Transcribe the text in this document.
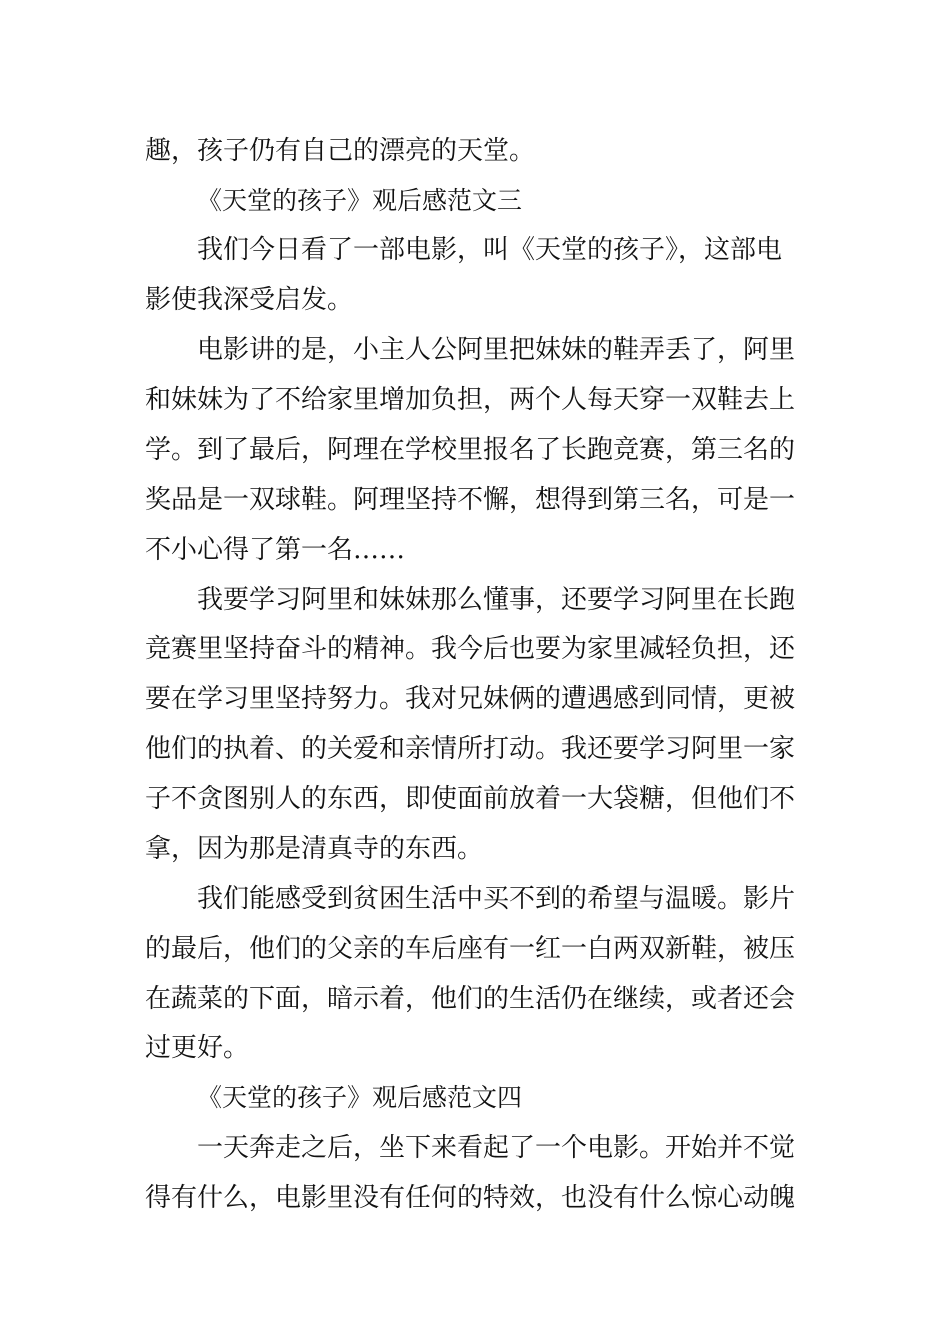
趣，孩子仍有自己的漂亮的天堂。
《天堂的孩子》观后感范文三
我们今日看了一部电影，叫《天堂的孩子》，这部电
影使我深受启发。
电影讲的是，小主人公阿里把妹妹的鞋弄丢了，阿里
和妹妹为了不给家里增加负担，两个人每天穿一双鞋去上
学。到了最后，阿理在学校里报名了长跑竞赛，第三名的
奖品是一双球鞋。阿理坚持不懈，想得到第三名，可是一
不小心得了第一名……
我要学习阿里和妹妹那么懂事，还要学习阿里在长跑
竞赛里坚持奋斗的精神。我今后也要为家里减轻负担，还
要在学习里坚持努力。我对兄妹俩的遭遇感到同情，更被
他们的执着、的关爱和亲情所打动。我还要学习阿里一家
子不贪图别人的东西，即使面前放着一大袋糖，但他们不
拿，因为那是清真寺的东西。
我们能感受到贫困生活中买不到的希望与温暖。影片
的最后，他们的父亲的车后座有一红一白两双新鞋，被压
在蔬菜的下面，暗示着，他们的生活仍在继续，或者还会
过更好。
《天堂的孩子》观后感范文四
一天奔走之后，坐下来看起了一个电影。开始并不觉
得有什么，电影里没有任何的特效，也没有什么惊心动魄
